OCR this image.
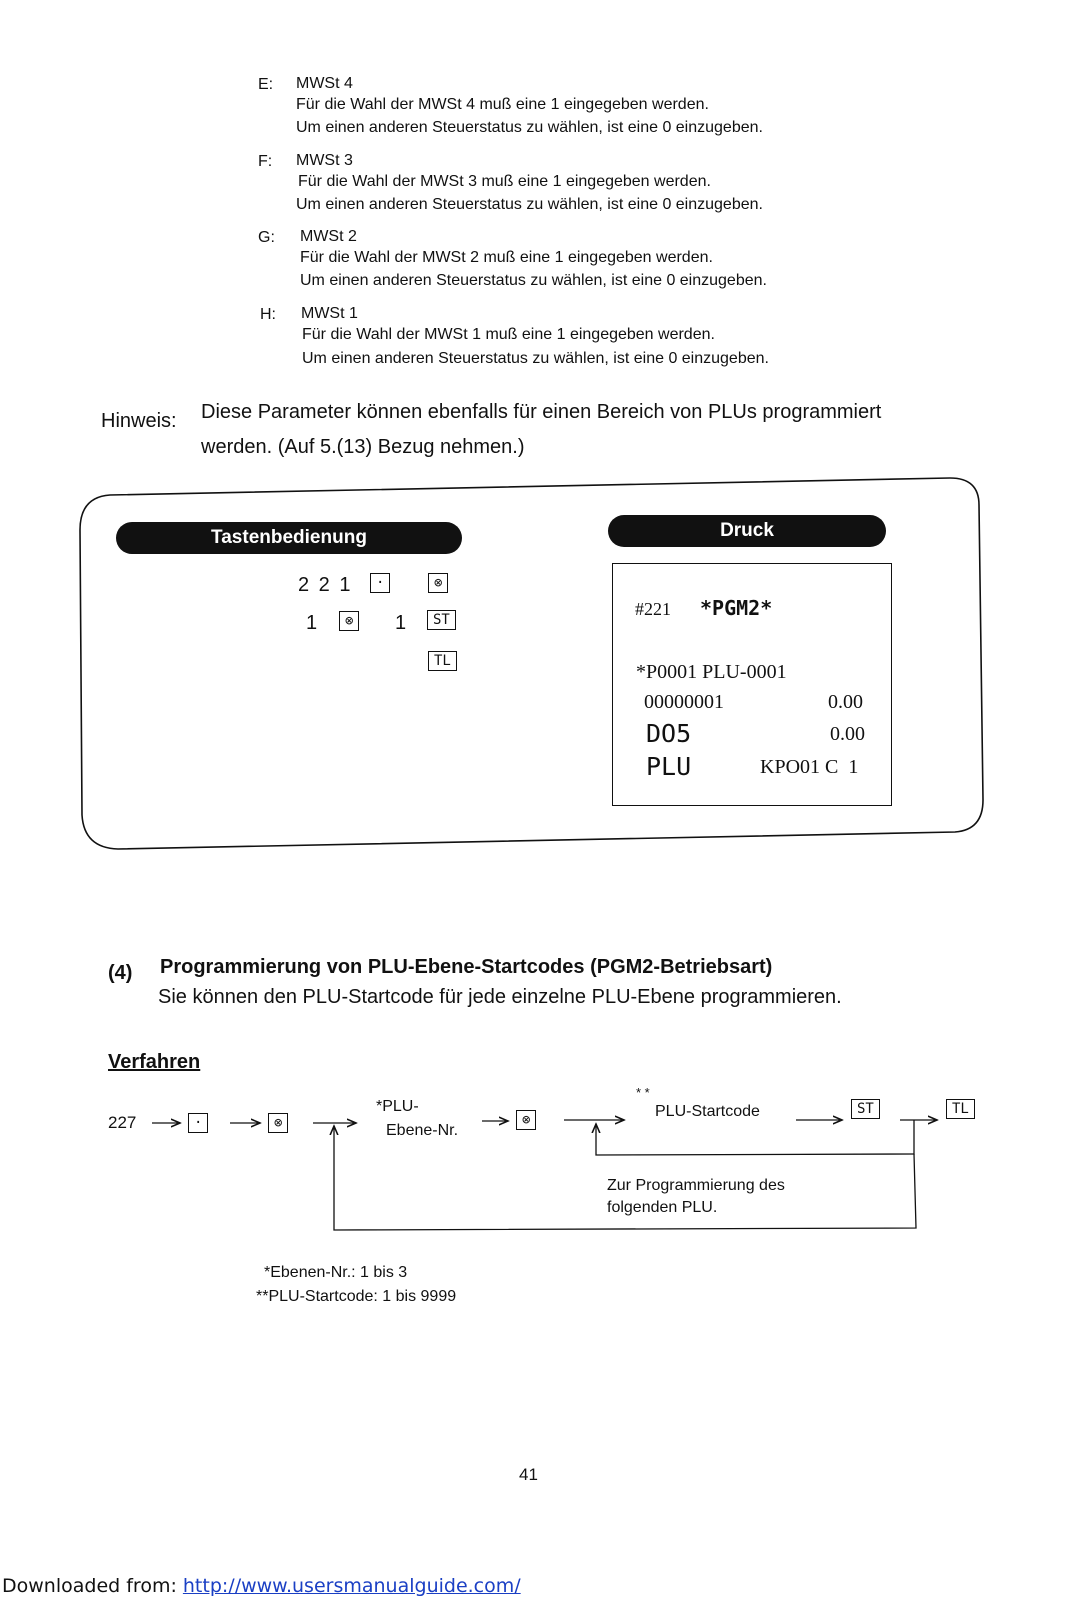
E: MWSt 4
Für die Wahl der MWSt 4 muß eine 1 eingegeben werden.
Um einen anderen Steuerstatus zu wählen, ist eine 0 einzugeben.
F: MWSt 3
Für die Wahl der MWSt 3 muß eine 1 eingegeben werden.
Um einen anderen Steuerstatus zu wählen, ist eine 0 einzugeben.
G: MWSt 2
Für die Wahl der MWSt 2 muß eine 1 eingegeben werden.
Um einen anderen Steuerstatus zu wählen, ist eine 0 einzugeben.
H: MWSt 1
Für die Wahl der MWSt 1 muß eine 1 eingegeben werden.
Um einen anderen Steuerstatus zu wählen, ist eine 0 einzugeben.
Hinweis: Diese Parameter können ebenfalls für einen Bereich von PLUs programmiert
werden. (Auf 5.(13) Bezug nehmen.)
Tastenbedienung	Druck
2 2 1	·	⊗
1	⊗	1	ST
TL
#221 *PGM2*
*P0001 PLU-0001
00000001	0.00
DO5	0.00
PLU	KPO01 C  1
(4) Programmierung von PLU-Ebene-Startcodes (PGM2-Betriebsart)
Sie können den PLU-Startcode für jede einzelne PLU-Ebene programmieren.
Verfahren
227	·	⊗
*PLU-
Ebene-Nr.
⊗
* *
PLU-Startcode	ST	TL
Zur Programmierung des
folgenden PLU.
*Ebenen-Nr.: 1 bis 3
**PLU-Startcode: 1 bis 9999
41
Downloaded from: http://www.usersmanualguide.com/
